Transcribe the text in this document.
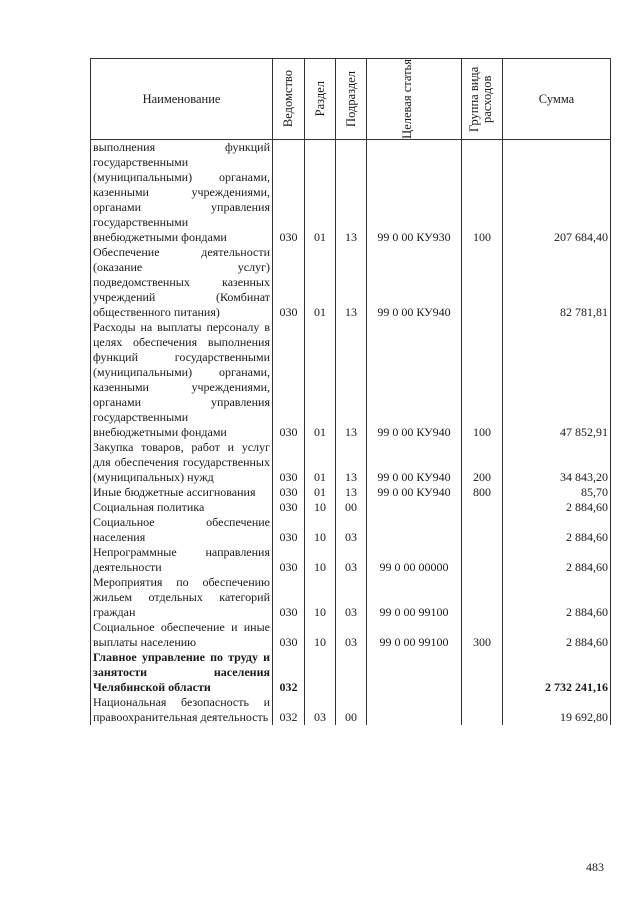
Наименование	Ведомство	Раздел	Подраздел	Целевая статья	Группа вида расходов	Сумма
выполнения функций государственными (муниципальными) органами, казенными учреждениями, органами управления государственными внебюджетными фондами	030	01	13	99 0 00 КУ930	100	207 684,40
Обеспечение деятельности (оказание услуг) подведомственных казенных учреждений (Комбинат общественного питания)	030	01	13	99 0 00 КУ940		82 781,81
Расходы на выплаты персоналу в целях обеспечения выполнения функций государственными (муниципальными) органами, казенными учреждениями, органами управления государственными внебюджетными фондами	030	01	13	99 0 00 КУ940	100	47 852,91
Закупка товаров, работ и услуг для обеспечения государственных (муниципальных) нужд	030	01	13	99 0 00 КУ940	200	34 843,20
Иные бюджетные ассигнования	030	01	13	99 0 00 КУ940	800	85,70
Социальная политика	030	10	00			2 884,60
Социальное обеспечение населения	030	10	03			2 884,60
Непрограммные направления деятельности	030	10	03	99 0 00 00000		2 884,60
Мероприятия по обеспечению жильем отдельных категорий граждан	030	10	03	99 0 00 99100		2 884,60
Социальное обеспечение и иные выплаты населению	030	10	03	99 0 00 99100	300	2 884,60
Главное управление по труду и занятости населения Челябинской области	032					2 732 241,16
Национальная безопасность и правоохранительная деятельность	032	03	00			19 692,80
483
